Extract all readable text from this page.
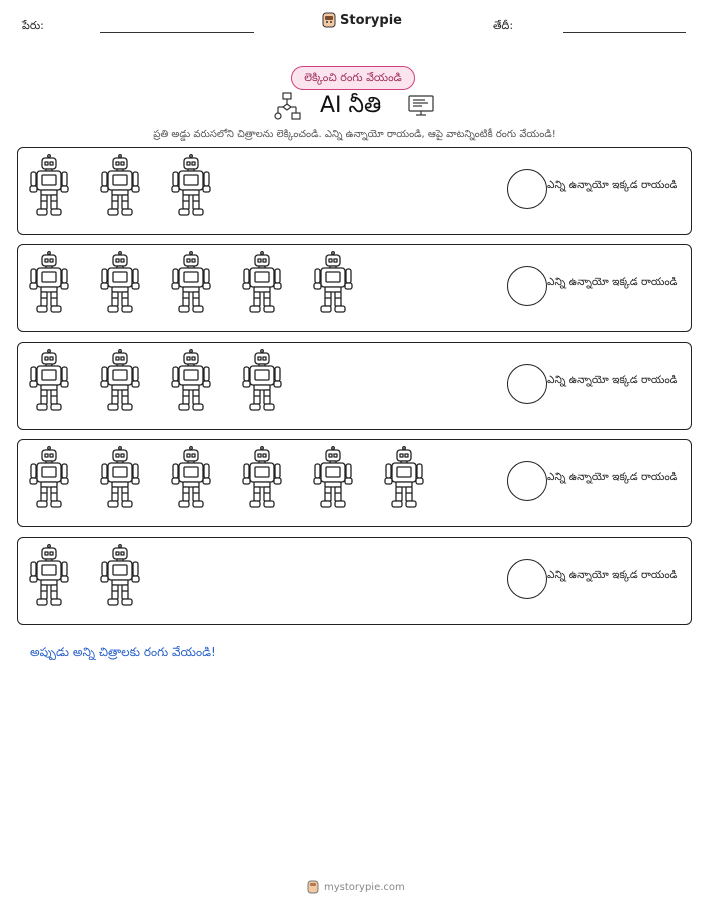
పేరు:	Storypie	తేదీ:
లెక్కించి రంగు వేయండి
AI నీతి
ప్రతి అడ్డు వరుసలోని చిత్రాలను లెక్కించండి. ఎన్ని ఉన్నాయో రాయండి, ఆపై వాటన్నింటికీ రంగు వేయండి!
ఎన్ని ఉన్నాయో ఇక్కడ రాయండి
ఎన్ని ఉన్నాయో ఇక్కడ రాయండి
ఎన్ని ఉన్నాయో ఇక్కడ రాయండి
ఎన్ని ఉన్నాయో ఇక్కడ రాయండి
ఎన్ని ఉన్నాయో ఇక్కడ రాయండి
అప్పుడు అన్ని చిత్రాలకు రంగు వేయండి!
mystorypie.com
